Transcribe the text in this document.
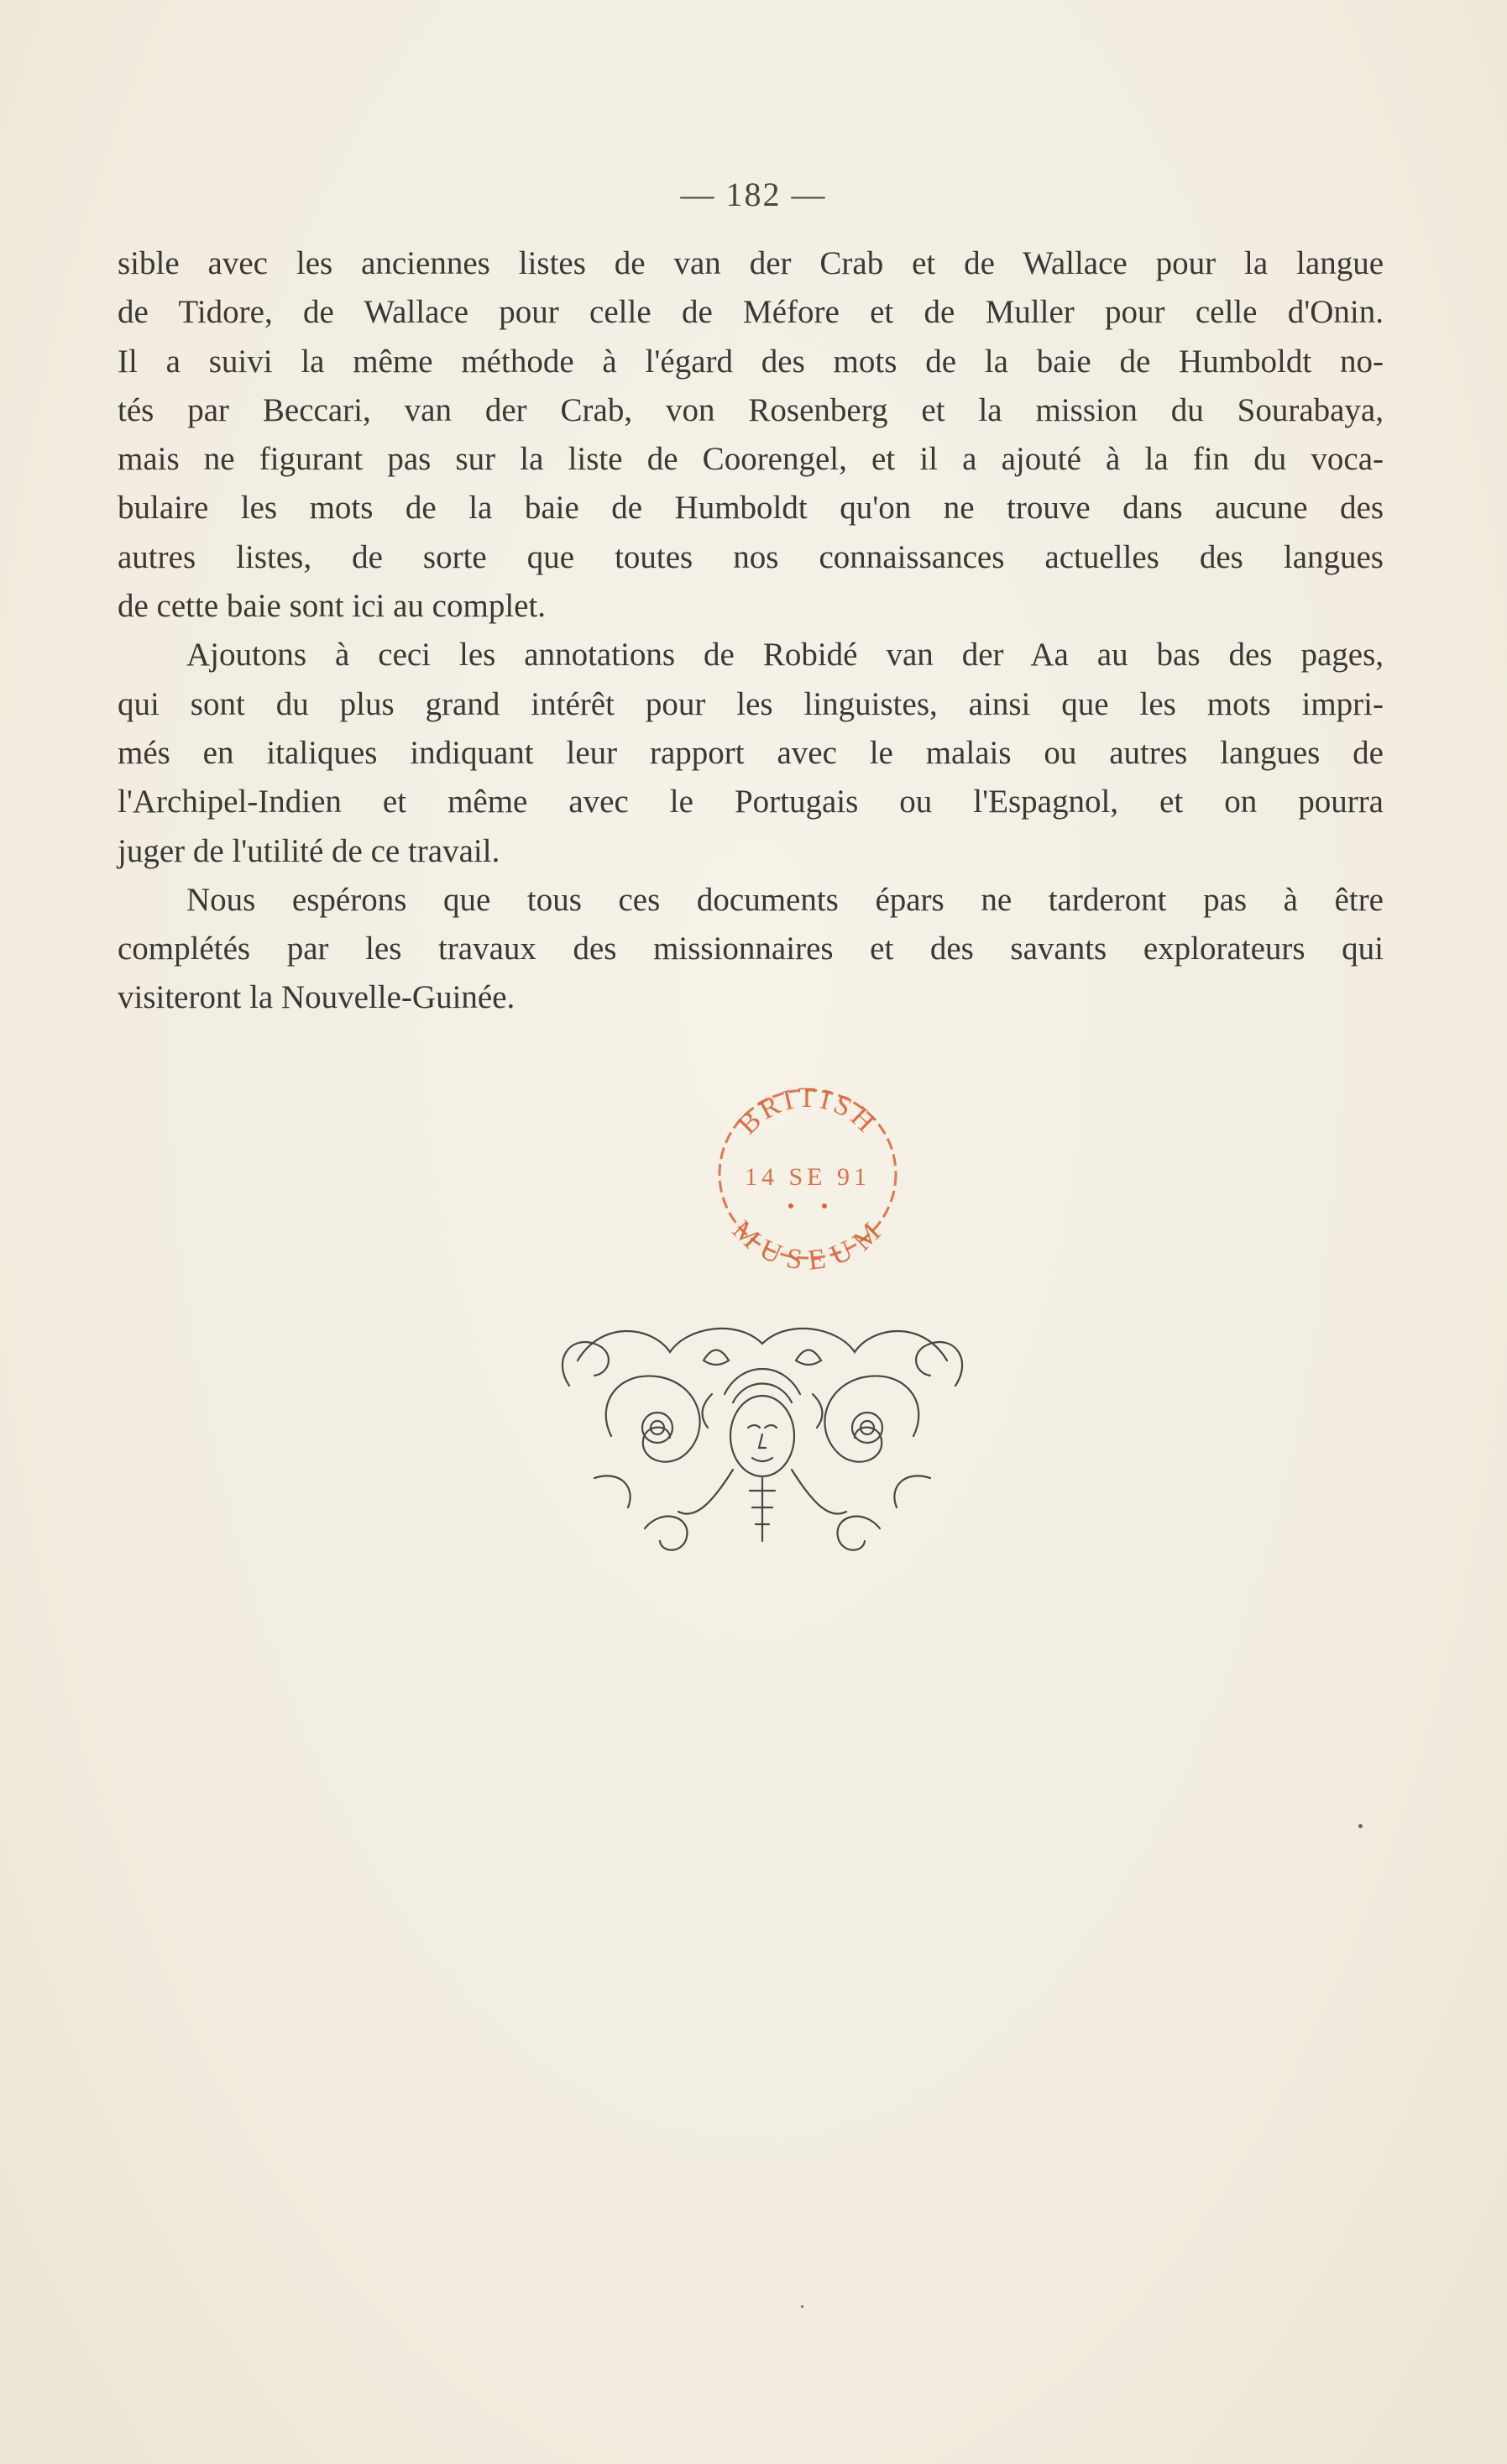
— 182 —
sible avec les anciennes listes de van der Crab et de Wallace pour la langue
de Tidore, de Wallace pour celle de Méfore et de Muller pour celle d'Onin.
Il a suivi la même méthode à l'égard des mots de la baie de Humboldt no-
tés par Beccari, van der Crab, von Rosenberg et la mission du Sourabaya,
mais ne figurant pas sur la liste de Coorengel, et il a ajouté à la fin du voca-
bulaire les mots de la baie de Humboldt qu'on ne trouve dans aucune des
autres listes, de sorte que toutes nos connaissances actuelles des langues
de cette baie sont ici au complet.
Ajoutons à ceci les annotations de Robidé van der Aa au bas des pages,
qui sont du plus grand intérêt pour les linguistes, ainsi que les mots impri-
més en italiques indiquant leur rapport avec le malais ou autres langues de
l'Archipel-Indien et même avec le Portugais ou l'Espagnol, et on pourra
juger de l'utilité de ce travail.
Nous espérons que tous ces documents épars ne tarderont pas à être
complétés par les travaux des missionnaires et des savants explorateurs qui
visiteront la Nouvelle-Guinée.
BRITISH
14 SE 91
MUSEUM
